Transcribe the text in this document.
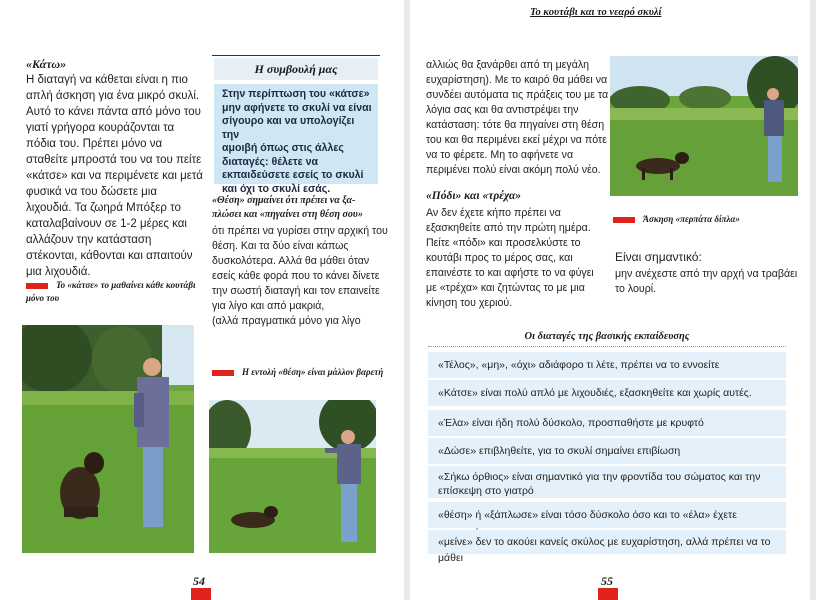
«Κάτω»
Η διαταγή να κάθεται είναι η πιο
απλή άσκηση για ένα μικρό σκυλί.
Αυτό το κάνει πάντα από μόνο του
γιατί γρήγορα κουράζονται τα
πόδια του. Πρέπει μόνο να
σταθείτε μπροστά του να του πείτε
«κάτσε» και να περιμένετε και μετά
φυσικά να του δώσετε μια
λιχουδιά. Τα ζωηρά Μπόξερ το
καταλαβαίνουν σε 1-2 μέρες και
αλλάζουν την κατάσταση
στέκονται, κάθονται και απαιτούν
μια λιχουδιά.
Το «κάτσε» το μαθαίνει κάθε κουτάβι
μόνο του
Η συμβουλή μας
Στην περίπτωση του «κάτσε»
μην αφήνετε το σκυλί να είναι
σίγουρο και να υπολογίζει την
αμοιβή όπως στις άλλες
διαταγές: θέλετε να
εκπαιδεύσετε εσείς το σκυλί
και όχι το σκυλί εσάς.
«Θέση» σημαίνει ότι πρέπει να ξα-
πλώσει και «πηγαίνει στη θέση σου»
ότι πρέπει να γυρίσει στην αρχική του
θέση. Και τα δύο είναι κάπως
δυσκολότερα. Αλλά θα μάθει όταν
εσείς κάθε φορά που το κάνει δίνετε
την σωστή διαταγή και τον επαινείτε
για λίγο και από μακριά,
(αλλά πραγματικά μόνο για λίγο
Η εντολή «θέση» είναι μάλλον βαρετή
54
Το κουτάβι και το νεαρό σκυλί
αλλιώς θα ξανάρθει από τη μεγάλη
ευχαρίστηση). Με το καιρό θα μάθει να
συνδέει αυτόματα τις πράξεις του με τα
λόγια σας και θα αντιστρέψει την
κατάσταση: τότε θα πηγαίνει στη θέση
του και θα περιμένει εκεί μέχρι να πότε
να το φέρετε. Μη το αφήνετε να
περιμένει πολύ είναι ακόμη πολύ νέο.
«Πόδι» και «τρέχα»
Αν δεν έχετε κήπο πρέπει να
εξασκηθείτε από την πρώτη ημέρα.
Πείτε «πόδι» και προσελκύστε το
κουτάβι προς το μέρος σας, και
επαινέστε το και αφήστε το να φύγει
με «τρέχα» και ζητώντας το με μια
κίνηση του χεριού.
Άσκηση «περπάτα δίπλα»
Είναι σημαντικό:
μην ανέχεστε από την αρχή να τραβάει
το λουρί.
55
Οι διαταγές της βασικής εκπαίδευσης
«Τέλος», «μη», «όχι» αδιάφορο τι λέτε, πρέπει να το εννοείτε
«Κάτσε» είναι πολύ απλό με λιχουδιές, εξασκηθείτε και χωρίς αυτές.
«Έλα» είναι ήδη πολύ δύσκολο, προσπαθήστε με κρυφτό
«Δώσε» επιβληθείτε, για το σκυλί σημαίνει επιβίωση
«Σήκω όρθιος» είναι σημαντικό για την φροντίδα του σώματος και την
επίσκεψη στο γιατρό
«θέση» ή «ξάπλωσε» είναι τόσο δύσκολο όσο και το «έλα» έχετε
«μείνε» δεν το ακούει κανείς σκύλος με ευχαρίστηση, αλλά πρέπει να το μάθει
